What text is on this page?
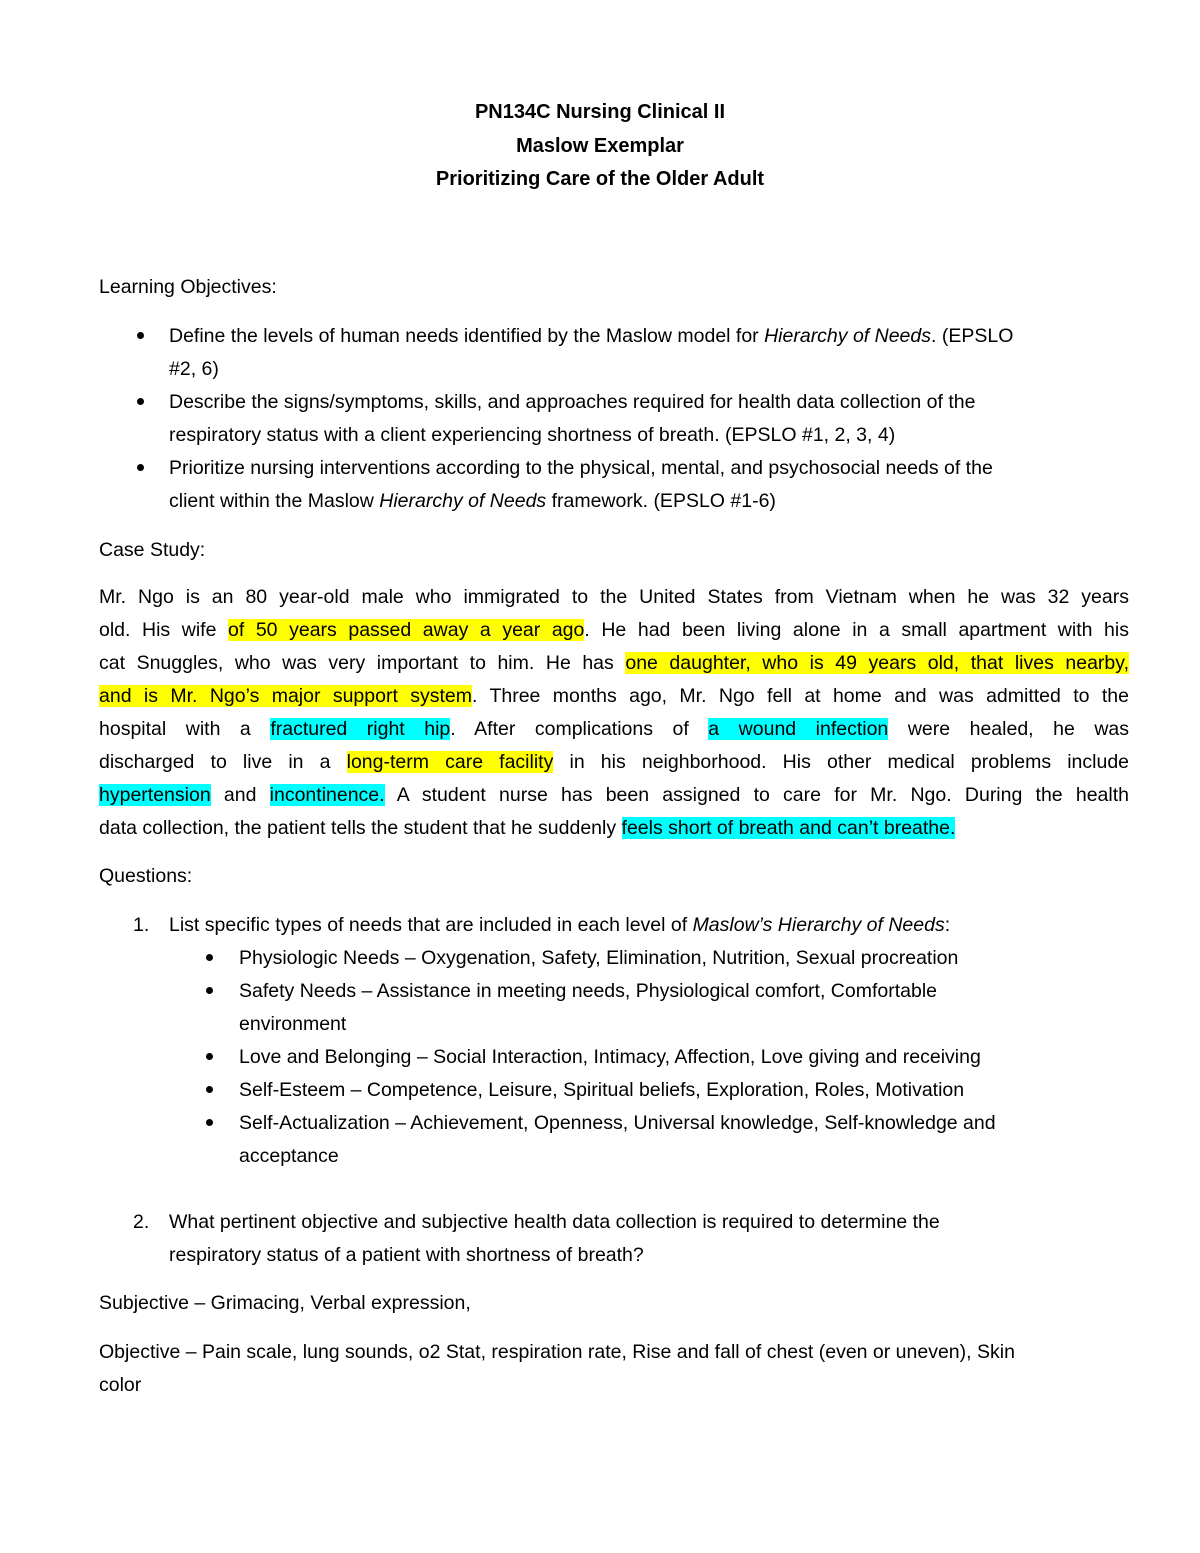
PN134C Nursing Clinical II
Maslow Exemplar
Prioritizing Care of the Older Adult
Learning Objectives:
Define the levels of human needs identified by the Maslow model for Hierarchy of Needs. (EPSLO
#2, 6)
Describe the signs/symptoms, skills, and approaches required for health data collection of the
respiratory status with a client experiencing shortness of breath. (EPSLO #1, 2, 3, 4)
Prioritize nursing interventions according to the physical, mental, and psychosocial needs of the
client within the Maslow Hierarchy of Needs framework. (EPSLO #1-6)
Case Study:
Mr. Ngo is an 80 year-old male who immigrated to the United States from Vietnam when he was 32 years
old. His wife of 50 years passed away a year ago. He had been living alone in a small apartment with his
cat Snuggles, who was very important to him. He has one daughter, who is 49 years old, that lives nearby,
and is Mr. Ngo’s major support system. Three months ago, Mr. Ngo fell at home and was admitted to the
hospital with a fractured right hip. After complications of a wound infection were healed, he was
discharged to live in a long-term care facility in his neighborhood. His other medical problems include
hypertension and incontinence. A student nurse has been assigned to care for Mr. Ngo. During the health
data collection, the patient tells the student that he suddenly feels short of breath and can’t breathe.
Questions:
1. List specific types of needs that are included in each level of Maslow’s Hierarchy of Needs:
Physiologic Needs – Oxygenation, Safety, Elimination, Nutrition, Sexual procreation
Safety Needs – Assistance in meeting needs, Physiological comfort, Comfortable
environment
Love and Belonging – Social Interaction, Intimacy, Affection, Love giving and receiving
Self-Esteem – Competence, Leisure, Spiritual beliefs, Exploration, Roles, Motivation
Self-Actualization – Achievement, Openness, Universal knowledge, Self-knowledge and
acceptance
2. What pertinent objective and subjective health data collection is required to determine the
respiratory status of a patient with shortness of breath?
Subjective – Grimacing, Verbal expression,
Objective – Pain scale, lung sounds, o2 Stat, respiration rate, Rise and fall of chest (even or uneven), Skin
color
